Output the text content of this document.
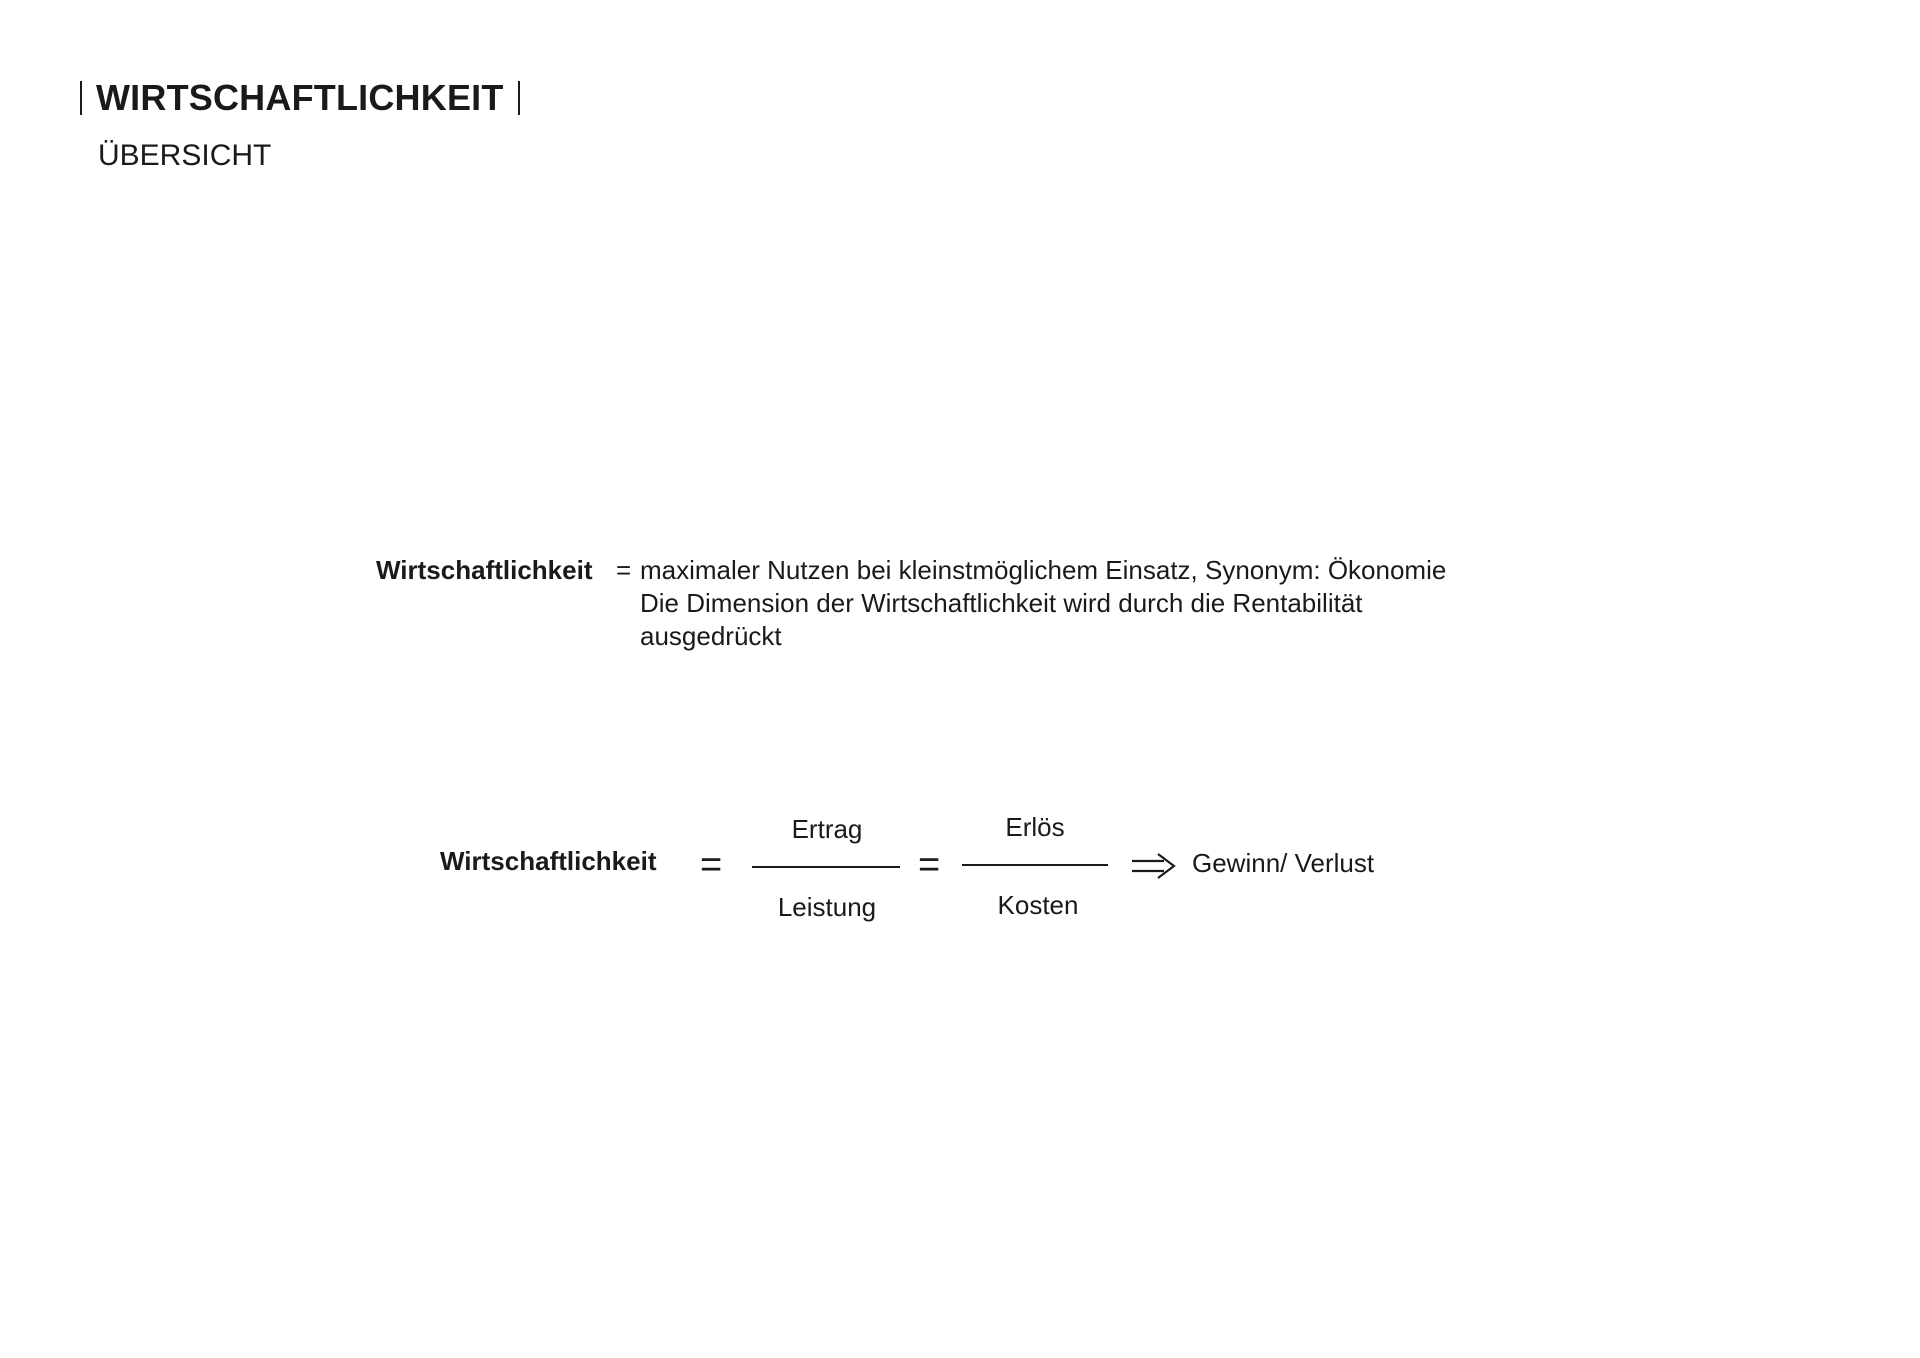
WIRTSCHAFTLICHKEIT
ÜBERSICHT
Wirtschaftlichkeit = maximaler Nutzen bei kleinstmöglichem Einsatz, Synonym: Ökonomie
Die Dimension der Wirtschaftlichkeit wird durch die Rentabilität
ausgedrückt
Wirtschaftlichkeit =
Ertrag
Leistung
=
Erlös
Kosten
Gewinn/ Verlust
